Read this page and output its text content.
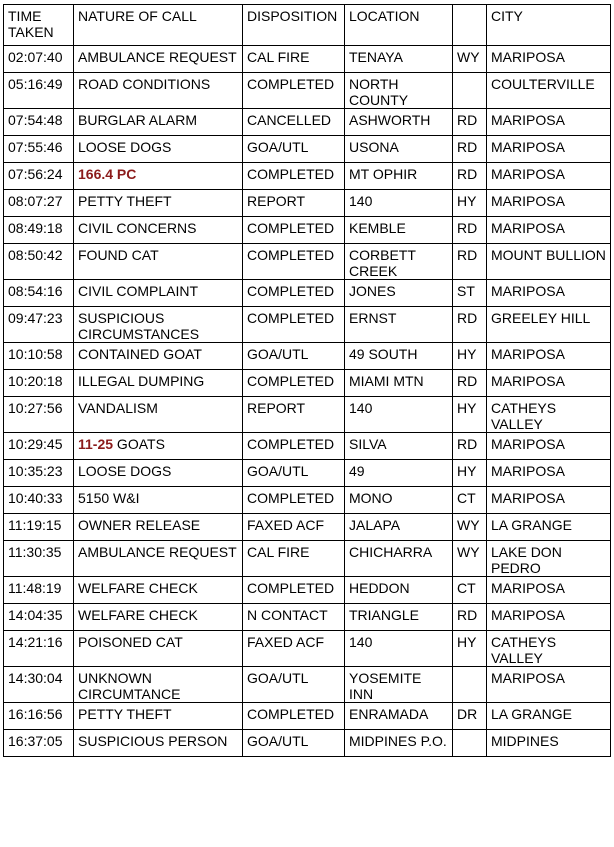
TIME TAKEN	NATURE OF CALL	DISPOSITION	LOCATION		CITY
02:07:40	AMBULANCE REQUEST	CAL FIRE	TENAYA	WY	MARIPOSA
05:16:49	ROAD CONDITIONS	COMPLETED	NORTH COUNTY		COULTERVILLE
07:54:48	BURGLAR ALARM	CANCELLED	ASHWORTH	RD	MARIPOSA
07:55:46	LOOSE DOGS	GOA/UTL	USONA	RD	MARIPOSA
07:56:24	166.4 PC	COMPLETED	MT OPHIR	RD	MARIPOSA
08:07:27	PETTY THEFT	REPORT	140	HY	MARIPOSA
08:49:18	CIVIL CONCERNS	COMPLETED	KEMBLE	RD	MARIPOSA
08:50:42	FOUND CAT	COMPLETED	CORBETT CREEK	RD	MOUNT BULLION
08:54:16	CIVIL COMPLAINT	COMPLETED	JONES	ST	MARIPOSA
09:47:23	SUSPICIOUS CIRCUMSTANCES	COMPLETED	ERNST	RD	GREELEY HILL
10:10:58	CONTAINED GOAT	GOA/UTL	49 SOUTH	HY	MARIPOSA
10:20:18	ILLEGAL DUMPING	COMPLETED	MIAMI MTN	RD	MARIPOSA
10:27:56	VANDALISM	REPORT	140	HY	CATHEYS VALLEY
10:29:45	11-25 GOATS	COMPLETED	SILVA	RD	MARIPOSA
10:35:23	LOOSE DOGS	GOA/UTL	49	HY	MARIPOSA
10:40:33	5150 W&I	COMPLETED	MONO	CT	MARIPOSA
11:19:15	OWNER RELEASE	FAXED ACF	JALAPA	WY	LA GRANGE
11:30:35	AMBULANCE REQUEST	CAL FIRE	CHICHARRA	WY	LAKE DON PEDRO
11:48:19	WELFARE CHECK	COMPLETED	HEDDON	CT	MARIPOSA
14:04:35	WELFARE CHECK	N CONTACT	TRIANGLE	RD	MARIPOSA
14:21:16	POISONED CAT	FAXED ACF	140	HY	CATHEYS VALLEY
14:30:04	UNKNOWN CIRCUMTANCE	GOA/UTL	YOSEMITE INN		MARIPOSA
16:16:56	PETTY THEFT	COMPLETED	ENRAMADA	DR	LA GRANGE
16:37:05	SUSPICIOUS PERSON	GOA/UTL	MIDPINES P.O.		MIDPINES
